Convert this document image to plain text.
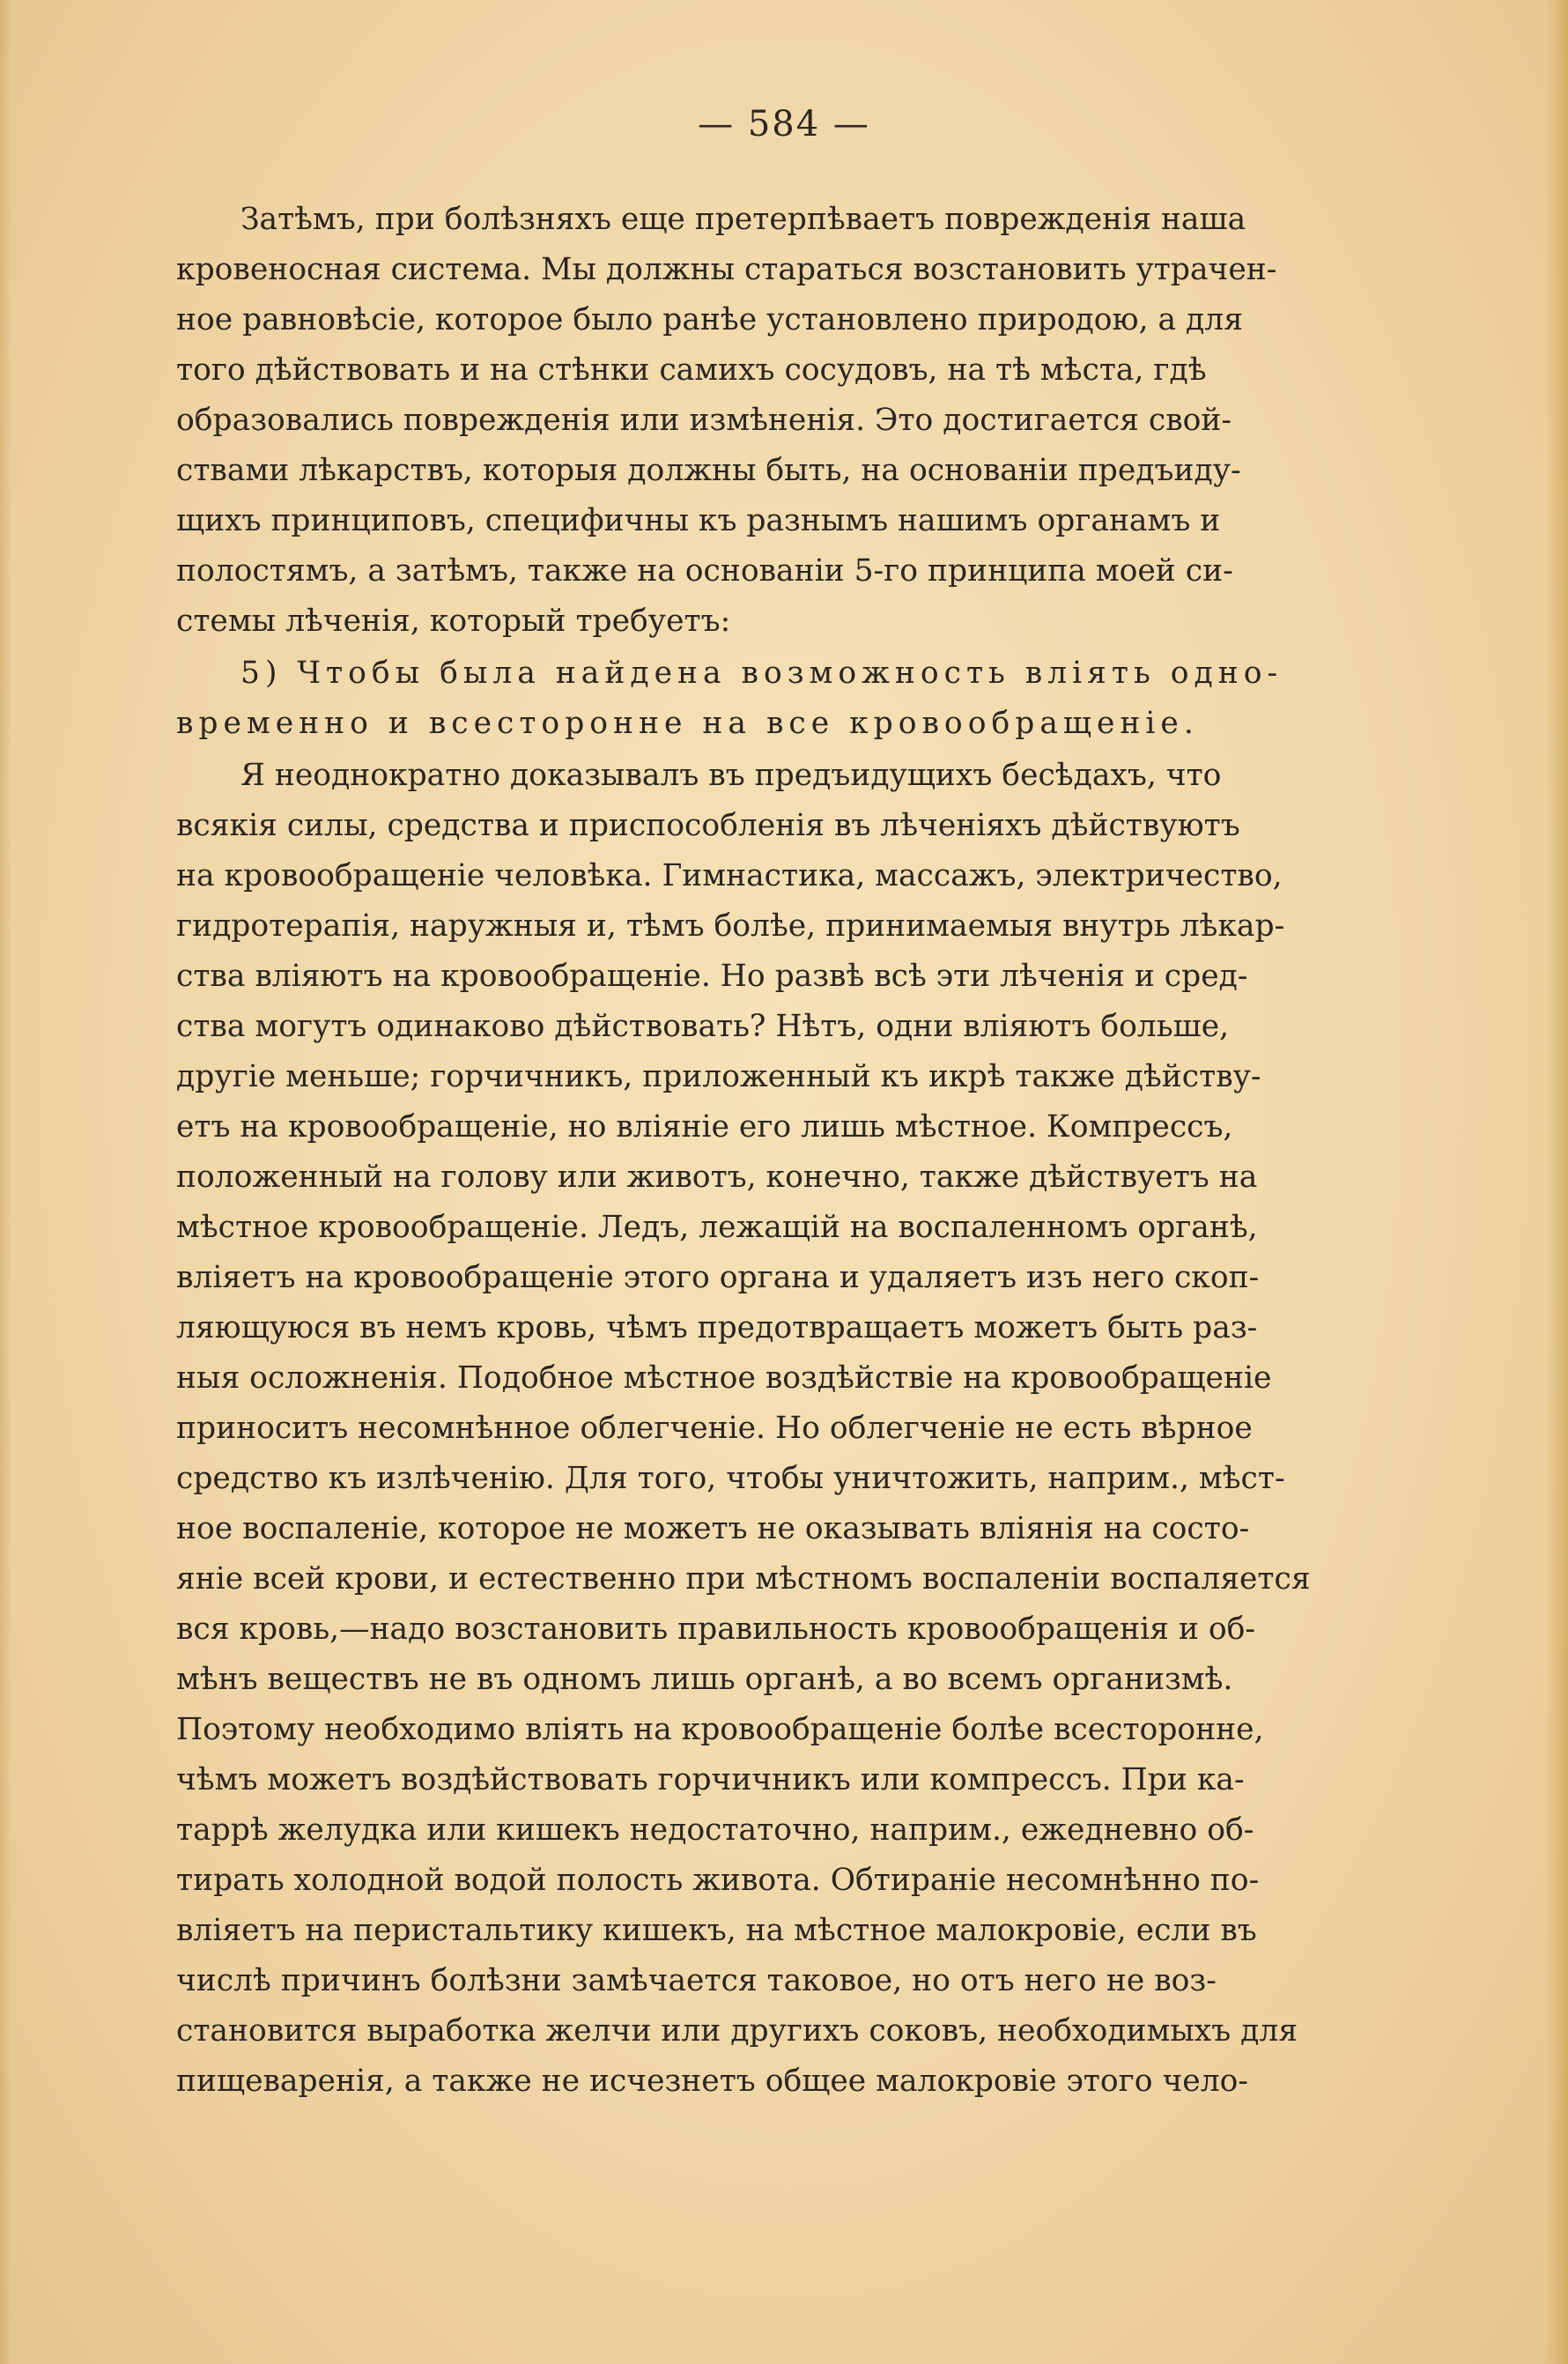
— 584 —
Затѣмъ, при болѣзняхъ еще претерпѣваетъ поврежденія наша
кровеносная система. Мы должны стараться возстановить утрачен-
ное равновѣсіе, которое было ранѣе установлено природою, а для
того дѣйствовать и на стѣнки самихъ сосудовъ, на тѣ мѣста, гдѣ
образовались поврежденія или измѣненія. Это достигается свой-
ствами лѣкарствъ, которыя должны быть, на основаніи предъиду-
щихъ принциповъ, специфичны къ разнымъ нашимъ органамъ и
полостямъ, а затѣмъ, также на основаніи 5-го принципа моей си-
стемы лѣченія, который требуетъ:
5) Чтобы была найдена возможность влiять одно-
временно и всесторонне на все кровообращенiе.
Я неоднократно доказывалъ въ предъидущихъ бесѣдахъ, что
всякія силы, средства и приспособленія въ лѣченіяхъ дѣйствуютъ
на кровообращеніе человѣка. Гимнастика, массажъ, электричество,
гидротерапія, наружныя и, тѣмъ болѣе, принимаемыя внутрь лѣкар-
ства вліяютъ на кровообращеніе. Но развѣ всѣ эти лѣченія и сред-
ства могутъ одинаково дѣйствовать? Нѣтъ, одни вліяютъ больше,
другіе меньше; горчичникъ, приложенный къ икрѣ также дѣйству-
етъ на кровообращеніе, но вліяніе его лишь мѣстное. Компрессъ,
положенный на голову или животъ, конечно, также дѣйствуетъ на
мѣстное кровообращеніе. Ледъ, лежащій на воспаленномъ органѣ,
вліяетъ на кровообращеніе этого органа и удаляетъ изъ него скоп-
ляющуюся въ немъ кровь, чѣмъ предотвращаетъ можетъ быть раз-
ныя осложненія. Подобное мѣстное воздѣйствіе на кровообращеніе
приноситъ несомнѣнное облегченіе. Но облегченіе не есть вѣрное
средство къ излѣченію. Для того, чтобы уничтожить, наприм., мѣст-
ное воспаленіе, которое не можетъ не оказывать вліянія на состо-
яніе всей крови, и естественно при мѣстномъ воспаленіи воспаляется
вся кровь,—надо возстановить правильность кровообращенія и об-
мѣнъ веществъ не въ одномъ лишь органѣ, а во всемъ организмѣ.
Поэтому необходимо вліять на кровообращеніе болѣе всесторонне,
чѣмъ можетъ воздѣйствовать горчичникъ или компрессъ. При ка-
таррѣ желудка или кишекъ недостаточно, наприм., ежедневно об-
тирать холодной водой полость живота. Обтираніе несомнѣнно по-
вліяетъ на перистальтику кишекъ, на мѣстное малокровіе, если въ
числѣ причинъ болѣзни замѣчается таковое, но отъ него не воз-
становится выработка желчи или другихъ соковъ, необходимыхъ для
пищеваренія, а также не исчезнетъ общее малокровіе этого чело-
